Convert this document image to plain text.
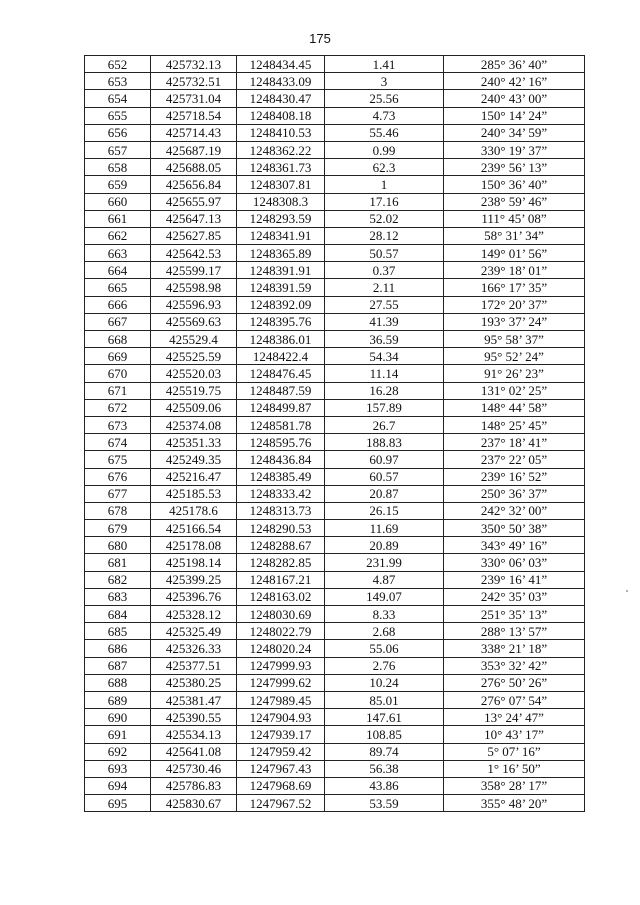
175
652	425732.13	1248434.45	1.41	285° 36’ 40”
653	425732.51	1248433.09	3	240° 42’ 16”
654	425731.04	1248430.47	25.56	240° 43’ 00”
655	425718.54	1248408.18	4.73	150° 14’ 24”
656	425714.43	1248410.53	55.46	240° 34’ 59”
657	425687.19	1248362.22	0.99	330° 19’ 37”
658	425688.05	1248361.73	62.3	239° 56’ 13”
659	425656.84	1248307.81	1	150° 36’ 40”
660	425655.97	1248308.3	17.16	238° 59’ 46”
661	425647.13	1248293.59	52.02	111° 45’ 08”
662	425627.85	1248341.91	28.12	58° 31’ 34”
663	425642.53	1248365.89	50.57	149° 01’ 56”
664	425599.17	1248391.91	0.37	239° 18’ 01”
665	425598.98	1248391.59	2.11	166° 17’ 35”
666	425596.93	1248392.09	27.55	172° 20’ 37”
667	425569.63	1248395.76	41.39	193° 37’ 24”
668	425529.4	1248386.01	36.59	95° 58’ 37”
669	425525.59	1248422.4	54.34	95° 52’ 24”
670	425520.03	1248476.45	11.14	91° 26’ 23”
671	425519.75	1248487.59	16.28	131° 02’ 25”
672	425509.06	1248499.87	157.89	148° 44’ 58”
673	425374.08	1248581.78	26.7	148° 25’ 45”
674	425351.33	1248595.76	188.83	237° 18’ 41”
675	425249.35	1248436.84	60.97	237° 22’ 05”
676	425216.47	1248385.49	60.57	239° 16’ 52”
677	425185.53	1248333.42	20.87	250° 36’ 37”
678	425178.6	1248313.73	26.15	242° 32’ 00”
679	425166.54	1248290.53	11.69	350° 50’ 38”
680	425178.08	1248288.67	20.89	343° 49’ 16”
681	425198.14	1248282.85	231.99	330° 06’ 03”
682	425399.25	1248167.21	4.87	239° 16’ 41”
683	425396.76	1248163.02	149.07	242° 35’ 03”
684	425328.12	1248030.69	8.33	251° 35’ 13”
685	425325.49	1248022.79	2.68	288° 13’ 57”
686	425326.33	1248020.24	55.06	338° 21’ 18”
687	425377.51	1247999.93	2.76	353° 32’ 42”
688	425380.25	1247999.62	10.24	276° 50’ 26”
689	425381.47	1247989.45	85.01	276° 07’ 54”
690	425390.55	1247904.93	147.61	13° 24’ 47”
691	425534.13	1247939.17	108.85	10° 43’ 17”
692	425641.08	1247959.42	89.74	5° 07’ 16”
693	425730.46	1247967.43	56.38	1° 16’ 50”
694	425786.83	1247968.69	43.86	358° 28’ 17”
695	425830.67	1247967.52	53.59	355° 48’ 20”
